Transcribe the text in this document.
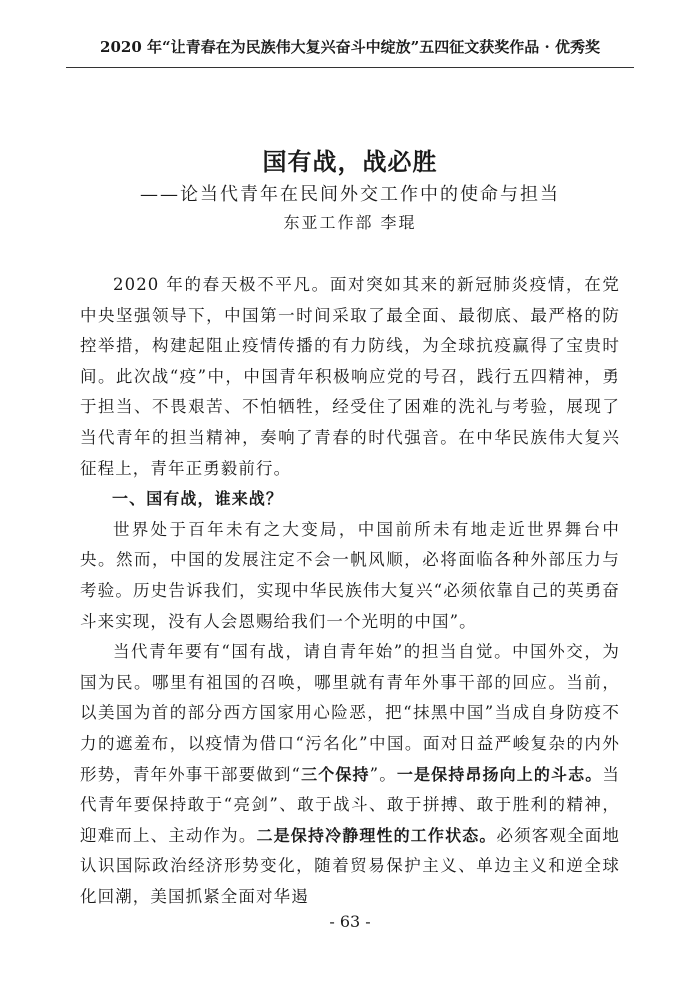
2020 年“让青春在为民族伟大复兴奋斗中绽放”五四征文获奖作品 · 优秀奖
国有战，战必胜
——论当代青年在民间外交工作中的使命与担当
东亚工作部 李琨

2020 年的春天极不平凡。面对突如其来的新冠肺炎疫情，在党中央坚强领导下，中国第一时间采取了最全面、最彻底、最严格的防控举措，构建起阻止疫情传播的有力防线，为全球抗疫赢得了宝贵时间。此次战“疫”中，中国青年积极响应党的号召，践行五四精神，勇于担当、不畏艰苦、不怕牺牲，经受住了困难的洗礼与考验，展现了当代青年的担当精神，奏响了青春的时代强音。在中华民族伟大复兴征程上，青年正勇毅前行。

一、国有战，谁来战？

世界处于百年未有之大变局，中国前所未有地走近世界舞台中央。然而，中国的发展注定不会一帆风顺，必将面临各种外部压力与考验。历史告诉我们，实现中华民族伟大复兴“必须依靠自己的英勇奋斗来实现，没有人会恩赐给我们一个光明的中国”。

当代青年要有“国有战，请自青年始”的担当自觉。中国外交，为国为民。哪里有祖国的召唤，哪里就有青年外事干部的回应。当前，以美国为首的部分西方国家用心险恶，把“抹黑中国”当成自身防疫不力的遮羞布，以疫情为借口“污名化”中国。面对日益严峻复杂的内外形势，青年外事干部要做到“三个保持”。一是保持昂扬向上的斗志。当代青年要保持敢于“亮剑”、敢于战斗、敢于拼搏、敢于胜利的精神，迎难而上、主动作为。二是保持冷静理性的工作状态。必须客观全面地认识国际政治经济形势变化，随着贸易保护主义、单边主义和逆全球化回潮，美国抓紧全面对华遏

- 63 -
